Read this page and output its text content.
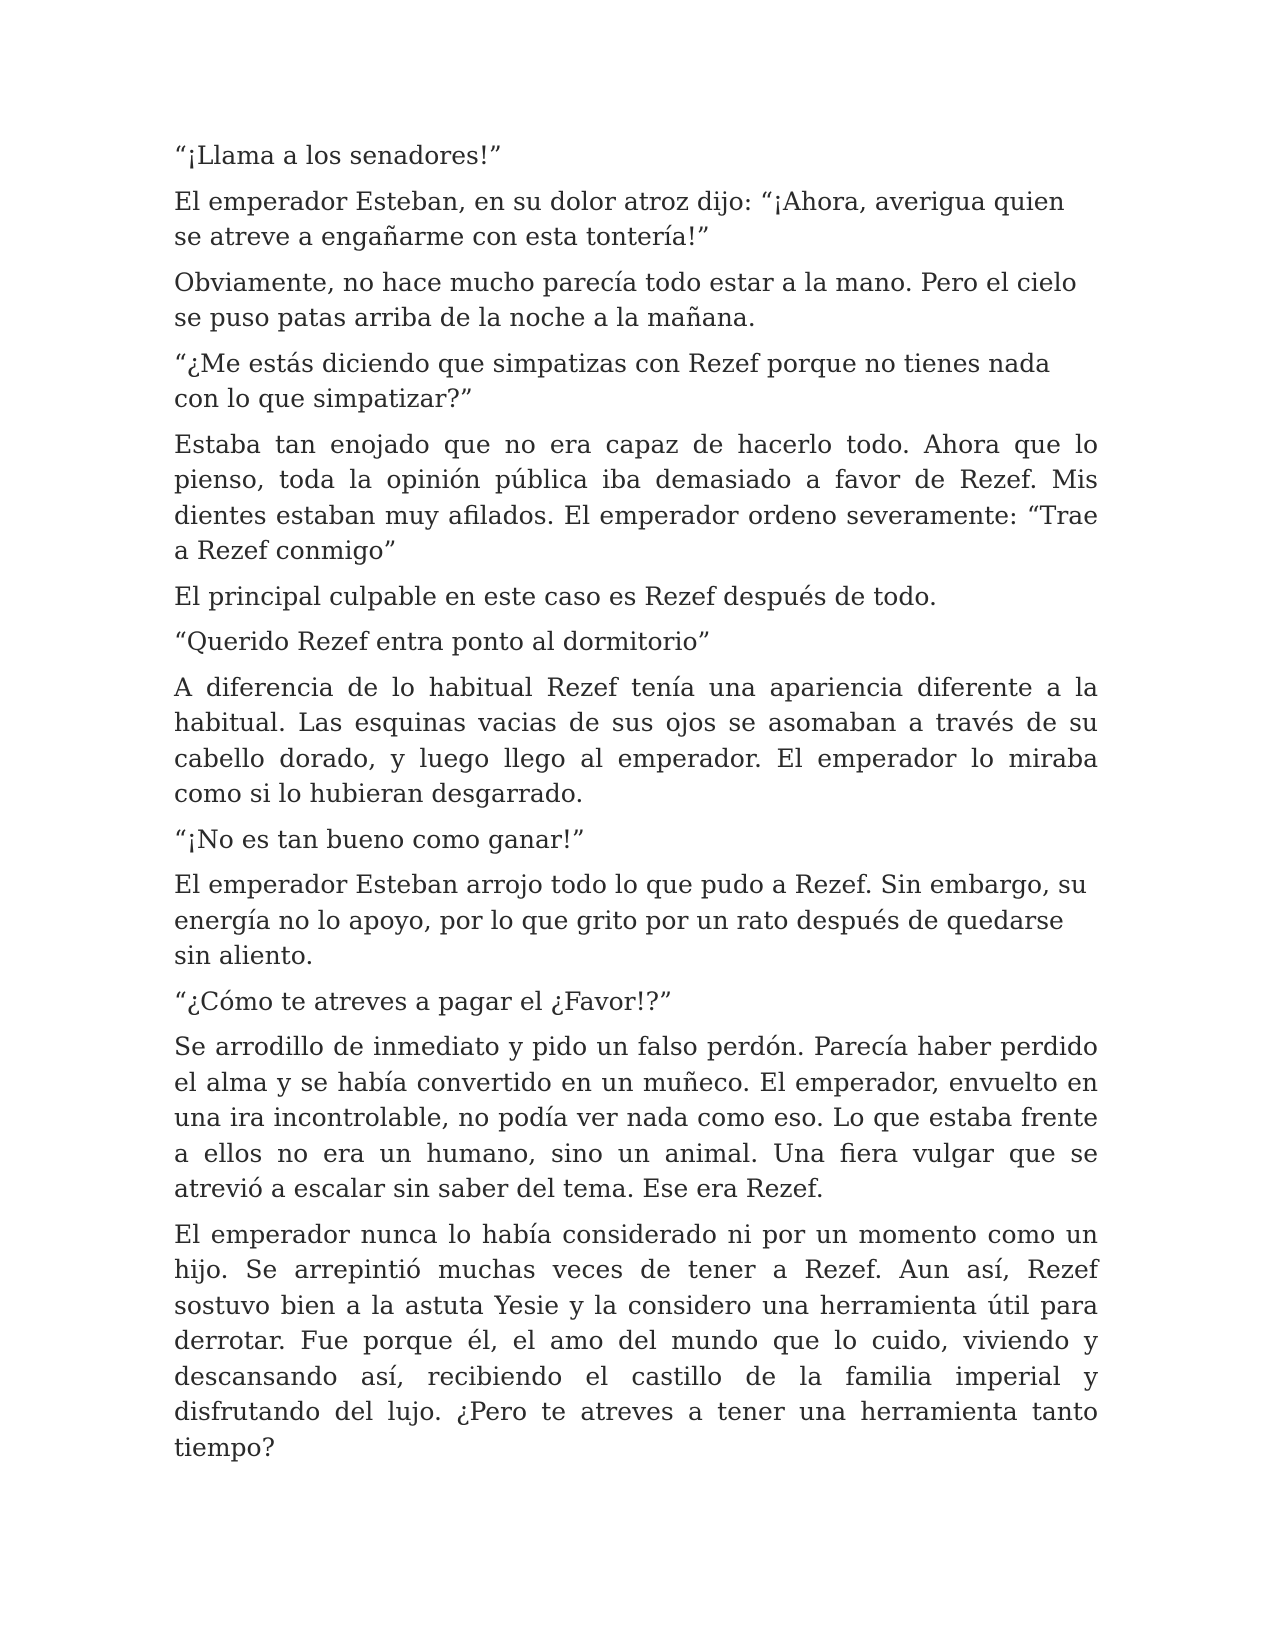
“¡Llama a los senadores!”

El emperador Esteban, en su dolor atroz dijo: “¡Ahora, averigua quien se atreve a engañarme con esta tontería!”

Obviamente, no hace mucho parecía todo estar a la mano. Pero el cielo se puso patas arriba de la noche a la mañana.

“¿Me estás diciendo que simpatizas con Rezef porque no tienes nada con lo que simpatizar?”

Estaba tan enojado que no era capaz de hacerlo todo. Ahora que lo pienso, toda la opinión pública iba demasiado a favor de Rezef. Mis dientes estaban muy afilados. El emperador ordeno severamente: “Trae a Rezef conmigo”

El principal culpable en este caso es Rezef después de todo.

“Querido Rezef entra ponto al dormitorio”

A diferencia de lo habitual Rezef tenía una apariencia diferente a la habitual. Las esquinas vacias de sus ojos se asomaban a través de su cabello dorado, y luego llego al emperador. El emperador lo miraba como si lo hubieran desgarrado.

“¡No es tan bueno como ganar!”

El emperador Esteban arrojo todo lo que pudo a Rezef. Sin embargo, su energía no lo apoyo, por lo que grito por un rato después de quedarse sin aliento.

“¿Cómo te atreves a pagar el ¿Favor!?”

Se arrodillo de inmediato y pido un falso perdón. Parecía haber perdido el alma y se había convertido en un muñeco. El emperador, envuelto en una ira incontrolable, no podía ver nada como eso. Lo que estaba frente a ellos no era un humano, sino un animal. Una fiera vulgar que se atrevió a escalar sin saber del tema. Ese era Rezef.

El emperador nunca lo había considerado ni por un momento como un hijo. Se arrepintió muchas veces de tener a Rezef. Aun así, Rezef sostuvo bien a la astuta Yesie y la considero una herramienta útil para derrotar. Fue porque él, el amo del mundo que lo cuido, viviendo y descansando así, recibiendo el castillo de la familia imperial y disfrutando del lujo. ¿Pero te atreves a tener una herramienta tanto tiempo?
